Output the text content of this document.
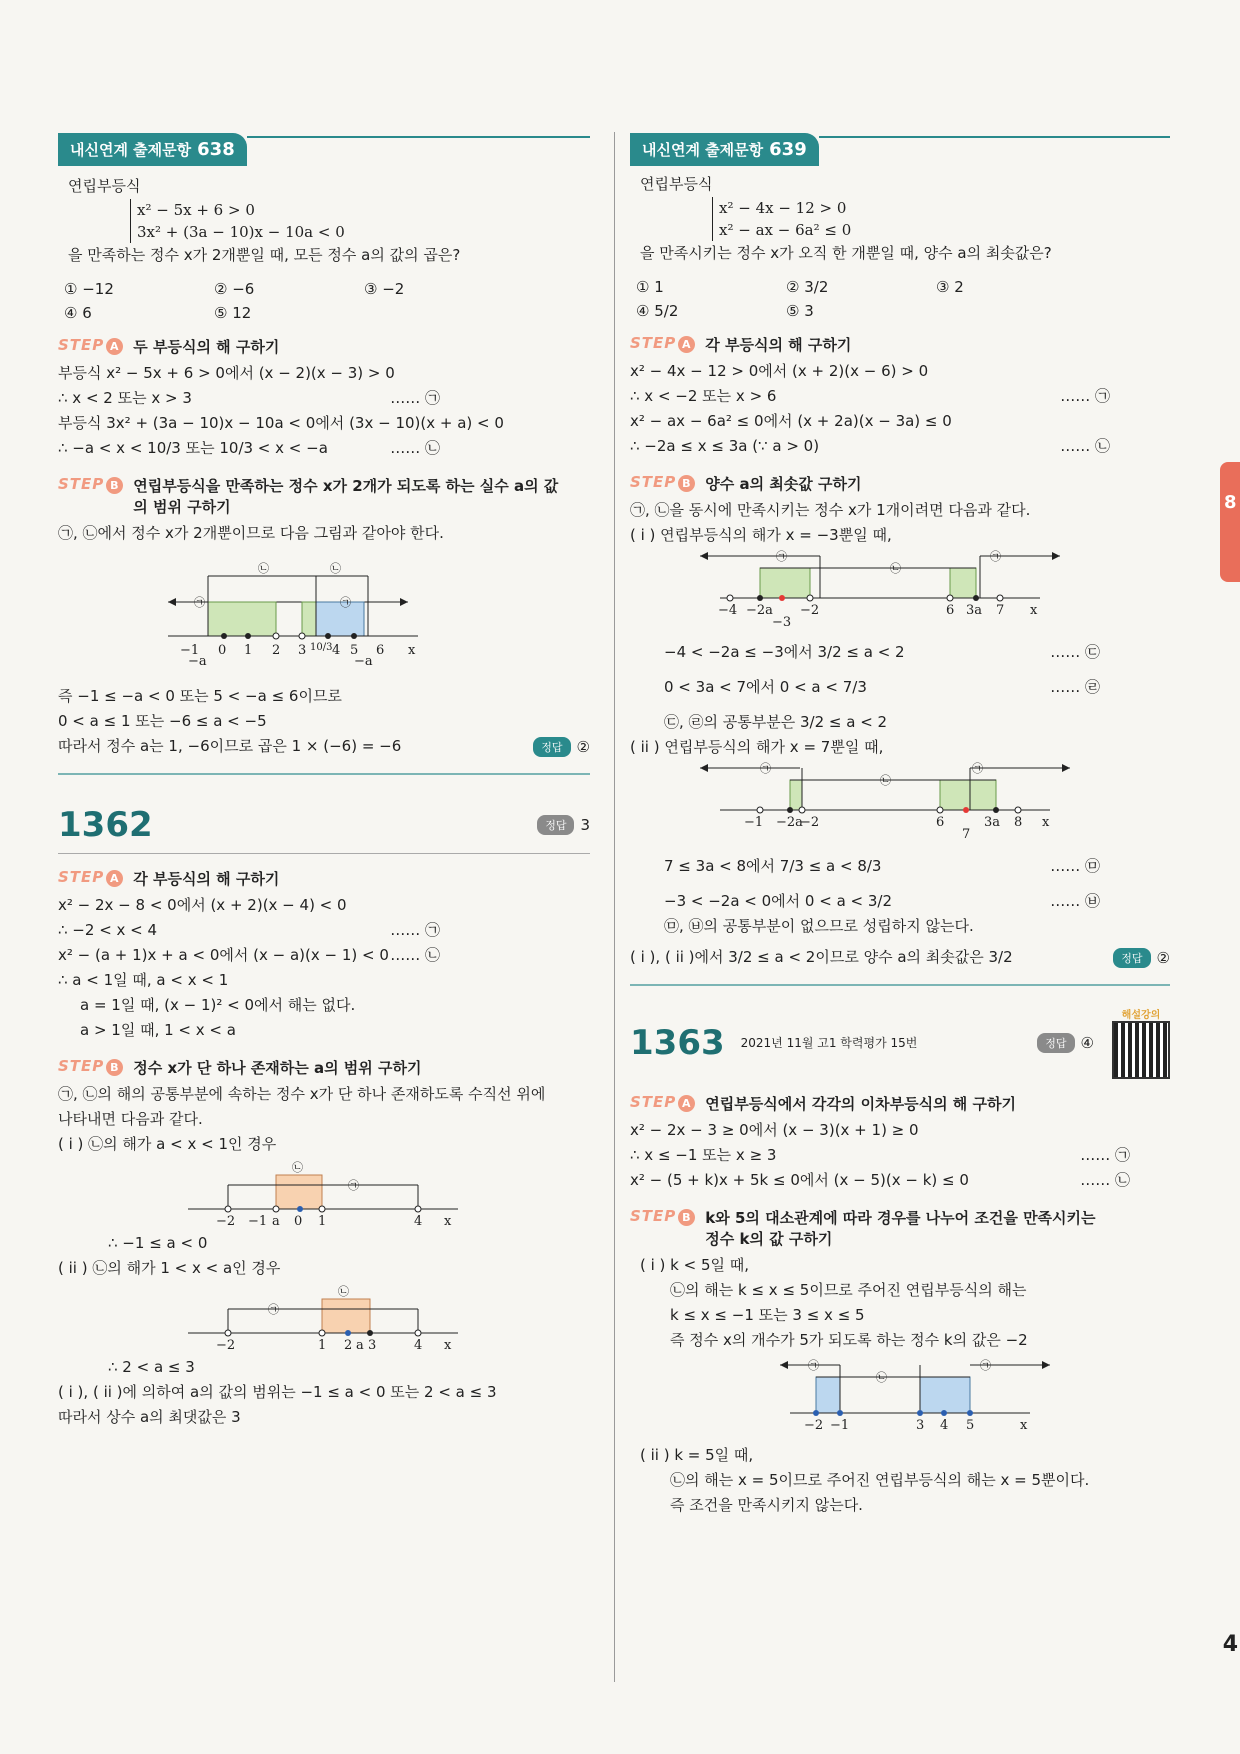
8
4
내신연계 출제문항 638

연립부등식

x² − 5x + 6 > 0
3x² + (3a − 10)x − 10a < 0

을 만족하는 정수 x가 2개뿐일 때, 모든 정수 a의 값의 곱은?

① −12	② −6	③ −2
④ 6	⑤ 12
STEP A 두 부등식의 해 구하기

부등식 x² − 5x + 6 > 0에서 (x − 2)(x − 3) > 0

∴ x < 2 또는 x > 3	…… ㉠

부등식 3x² + (3a − 10)x − 10a < 0에서 (3x − 10)(x + a) < 0

∴ −a < x < 10/3 또는 10/3 < x < −a	…… ㉡

STEP B 연립부등식을 만족하는 정수 x가 2개가 되도록 하는 실수 a의 값의 범위 구하기

㉠, ㉡에서 정수 x가 2개뿐이므로 다음 그림과 같아야 한다.

−1 0 1 2 3 10/3 4 5 6 x
㉠	㉠
㉡	㉡
−a	−a

즉 −1 ≤ −a < 0 또는 5 < −a ≤ 6이므로

0 < a ≤ 1 또는 −6 ≤ a < −5

따라서 정수 a는 1, −6이므로 곱은 1 × (−6) = −6	정답 ②
1362	정답 3
STEP A 각 부등식의 해 구하기

x² − 2x − 8 < 0에서 (x + 2)(x − 4) < 0

∴ −2 < x < 4	…… ㉠

x² − (a + 1)x + a < 0에서 (x − a)(x − 1) < 0 …… ㉡

∴ a < 1일 때, a < x < 1

a = 1일 때, (x − 1)² < 0에서 해는 없다.

a > 1일 때, 1 < x < a

STEP B 정수 x가 단 하나 존재하는 a의 범위 구하기

㉠, ㉡의 해의 공통부분에 속하는 정수 x가 단 하나 존재하도록 수직선 위에

나타내면 다음과 같다.

( i ) ㉡의 해가 a < x < 1인 경우

−2 −1 a 0 1	4 x
㉡
㉠

∴ −1 ≤ a < 0

( ii ) ㉡의 해가 1 < x < a인 경우

−2	1 2 a 3	4 x
㉠
㉡

∴ 2 < a ≤ 3

( i ), ( ii )에 의하여 a의 값의 범위는 −1 ≤ a < 0 또는 2 < a ≤ 3

따라서 상수 a의 최댓값은 3

내신연계 출제문항 639

연립부등식

x² − 4x − 12 > 0
x² − ax − 6a² ≤ 0

을 만족시키는 정수 x가 오직 한 개뿐일 때, 양수 a의 최솟값은?

① 1	② 3/2	③ 2
④ 5/2	⑤ 3
STEP A 각 부등식의 해 구하기

x² − 4x − 12 > 0에서 (x + 2)(x − 6) > 0

∴ x < −2 또는 x > 6	…… ㉠

x² − ax − 6a² ≤ 0에서 (x + 2a)(x − 3a) ≤ 0

∴ −2a ≤ x ≤ 3a (∵ a > 0)	…… ㉡

STEP B 양수 a의 최솟값 구하기

㉠, ㉡을 동시에 만족시키는 정수 x가 1개이려면 다음과 같다.

( i ) 연립부등식의 해가 x = −3뿐일 때,

−4 −2a −2
−3
6 3a 7 x
㉠
㉡
㉠

−4 < −2a ≤ −3에서 3/2 ≤ a < 2	…… ㉢

0 < 3a < 7에서 0 < a < 7/3	…… ㉣

㉢, ㉣의 공통부분은 3/2 ≤ a < 2

( ii ) 연립부등식의 해가 x = 7뿐일 때,

−1 −2a
−2	6	3a 8
7
x
㉠
㉡
㉠

7 ≤ 3a < 8에서 7/3 ≤ a < 8/3	…… ㉤

−3 < −2a < 0에서 0 < a < 3/2	…… ㉥

㉤, ㉥의 공통부분이 없으므로 성립하지 않는다.

( i ), ( ii )에서 3/2 ≤ a < 2이므로 양수 a의 최솟값은 3/2	정답 ②
1363 2021년 11월 고1 학력평가 15번	정답 ④
해설강의
STEP A 연립부등식에서 각각의 이차부등식의 해 구하기

x² − 2x − 3 ≥ 0에서 (x − 3)(x + 1) ≥ 0

∴ x ≤ −1 또는 x ≥ 3	…… ㉠

x² − (5 + k)x + 5k ≤ 0에서 (x − 5)(x − k) ≤ 0	…… ㉡

STEP B k와 5의 대소관계에 따라 경우를 나누어 조건을 만족시키는 정수 k의 값 구하기

( i ) k < 5일 때,

㉡의 해는 k ≤ x ≤ 5이므로 주어진 연립부등식의 해는

k ≤ x ≤ −1 또는 3 ≤ x ≤ 5

즉 정수 x의 개수가 5가 되도록 하는 정수 k의 값은 −2

−2 −1	3 4 5	x
㉠
㉡
㉠

( ii ) k = 5일 때,

㉡의 해는 x = 5이므로 주어진 연립부등식의 해는 x = 5뿐이다.

즉 조건을 만족시키지 않는다.
